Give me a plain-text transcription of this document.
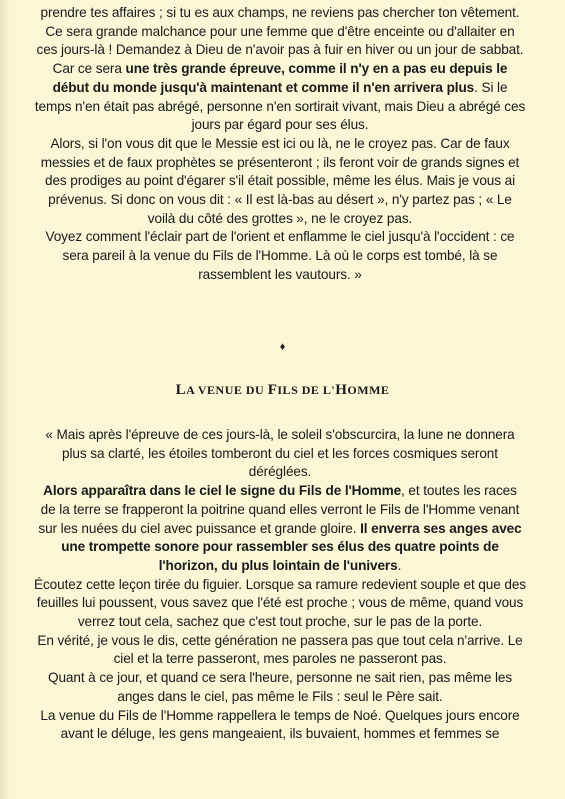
prendre tes affaires ; si tu es aux champs, ne reviens pas chercher ton vêtement.
Ce sera grande malchance pour une femme que d'être enceinte ou d'allaiter en
ces jours-là ! Demandez à Dieu de n'avoir pas à fuir en hiver ou un jour de sabbat.
Car ce sera une très grande épreuve, comme il n'y en a pas eu depuis le
début du monde jusqu'à maintenant et comme il n'en arrivera plus. Si le
temps n'en était pas abrégé, personne n'en sortirait vivant, mais Dieu a abrégé ces
jours par égard pour ses élus.
Alors, si l'on vous dit que le Messie est ici ou là, ne le croyez pas. Car de faux
messies et de faux prophètes se présenteront ; ils feront voir de grands signes et
des prodiges au point d'égarer s'il était possible, même les élus. Mais je vous ai
prévenus. Si donc on vous dit : « Il est là-bas au désert », n'y partez pas ; « Le
voilà du côté des grottes », ne le croyez pas.
Voyez comment l'éclair part de l'orient et enflamme le ciel jusqu'à l'occident : ce
sera pareil à la venue du Fils de l'Homme. Là où le corps est tombé, là se
rassemblent les vautours. »
♦
LA VENUE DU FILS DE L'HOMME
« Mais après l'épreuve de ces jours-là, le soleil s'obscurcira, la lune ne donnera
plus sa clarté, les étoiles tomberont du ciel et les forces cosmiques seront
déréglées.
Alors apparaîtra dans le ciel le signe du Fils de l'Homme, et toutes les races
de la terre se frapperont la poitrine quand elles verront le Fils de l'Homme venant
sur les nuées du ciel avec puissance et grande gloire. Il enverra ses anges avec
une trompette sonore pour rassembler ses élus des quatre points de
l'horizon, du plus lointain de l'univers.
Écoutez cette leçon tirée du figuier. Lorsque sa ramure redevient souple et que des
feuilles lui poussent, vous savez que l'été est proche ; vous de même, quand vous
verrez tout cela, sachez que c'est tout proche, sur le pas de la porte.
En vérité, je vous le dis, cette génération ne passera pas que tout cela n'arrive. Le
ciel et la terre passeront, mes paroles ne passeront pas.
Quant à ce jour, et quand ce sera l'heure, personne ne sait rien, pas même les
anges dans le ciel, pas même le Fils : seul le Père sait.
La venue du Fils de l'Homme rappellera le temps de Noé. Quelques jours encore
avant le déluge, les gens mangeaient, ils buvaient, hommes et femmes se
